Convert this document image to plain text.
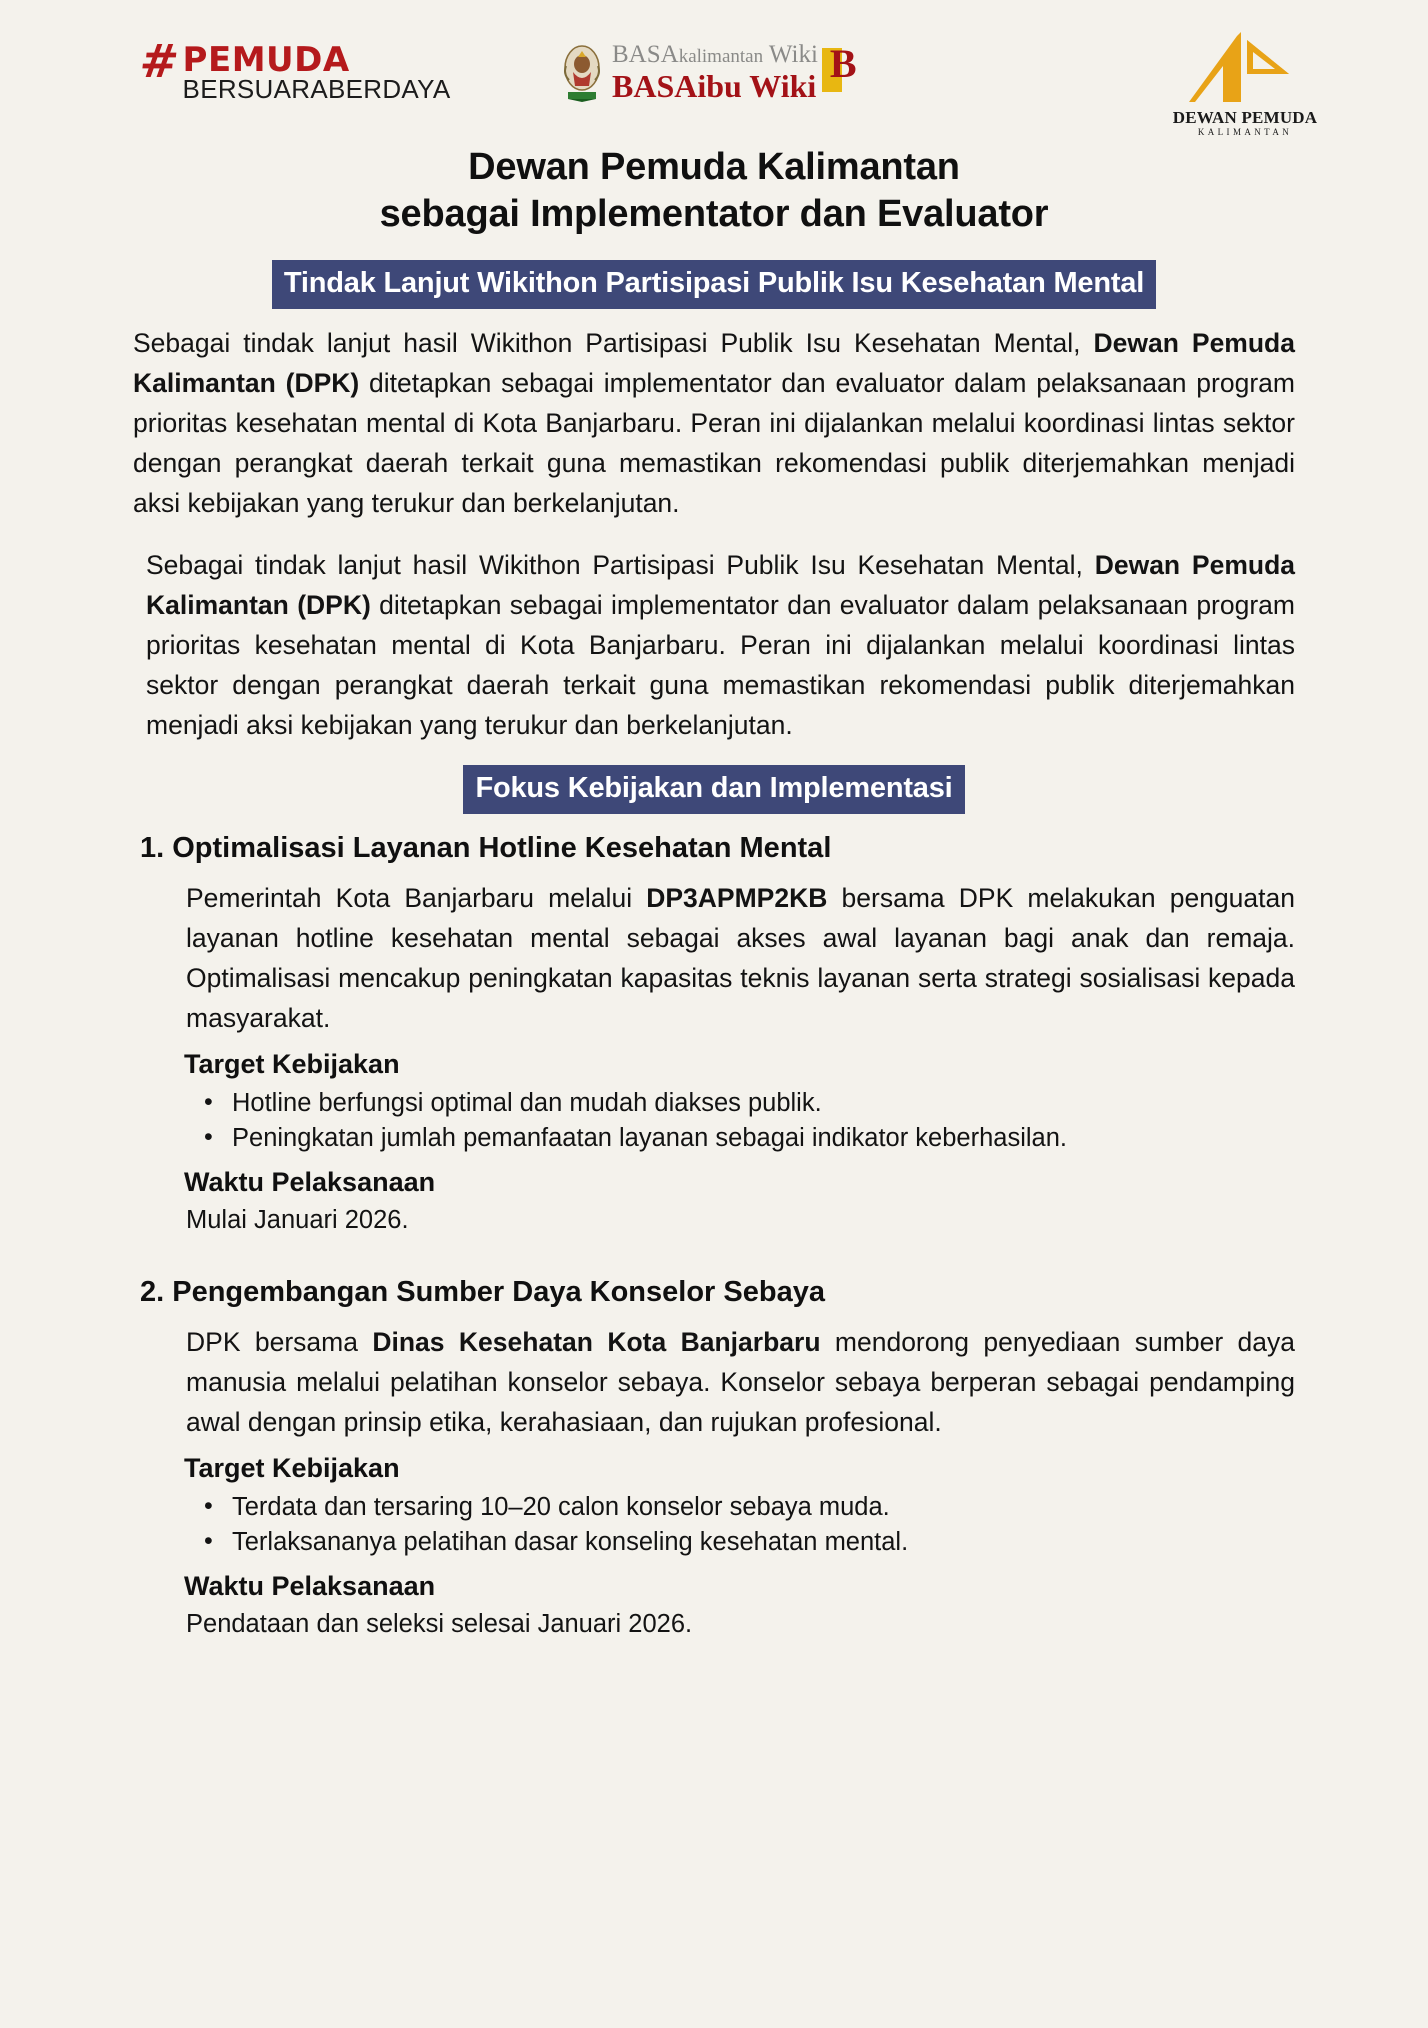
# PEMUDA
BERSUARABERDAYA
BASAkalimantan Wiki
BASAibu Wiki B
DEWAN PEMUDA
KALIMANTAN
Dewan Pemuda Kalimantan
sebagai Implementator dan Evaluator
Tindak Lanjut Wikithon Partisipasi Publik Isu Kesehatan Mental

Sebagai tindak lanjut hasil Wikithon Partisipasi Publik Isu Kesehatan Mental, Dewan Pemuda Kalimantan (DPK) ditetapkan sebagai implementator dan evaluator dalam pelaksanaan program prioritas kesehatan mental di Kota Banjarbaru. Peran ini dijalankan melalui koordinasi lintas sektor dengan perangkat daerah terkait guna memastikan rekomendasi publik diterjemahkan menjadi aksi kebijakan yang terukur dan berkelanjutan.

Sebagai tindak lanjut hasil Wikithon Partisipasi Publik Isu Kesehatan Mental, Dewan Pemuda Kalimantan (DPK) ditetapkan sebagai implementator dan evaluator dalam pelaksanaan program prioritas kesehatan mental di Kota Banjarbaru. Peran ini dijalankan melalui koordinasi lintas sektor dengan perangkat daerah terkait guna memastikan rekomendasi publik diterjemahkan menjadi aksi kebijakan yang terukur dan berkelanjutan.

Fokus Kebijakan dan Implementasi
1. Optimalisasi Layanan Hotline Kesehatan Mental

Pemerintah Kota Banjarbaru melalui DP3APMP2KB bersama DPK melakukan penguatan layanan hotline kesehatan mental sebagai akses awal layanan bagi anak dan remaja. Optimalisasi mencakup peningkatan kapasitas teknis layanan serta strategi sosialisasi kepada masyarakat.

Target Kebijakan
• Hotline berfungsi optimal dan mudah diakses publik.
• Peningkatan jumlah pemanfaatan layanan sebagai indikator keberhasilan.
Waktu Pelaksanaan

Mulai Januari 2026.

2. Pengembangan Sumber Daya Konselor Sebaya

DPK bersama Dinas Kesehatan Kota Banjarbaru mendorong penyediaan sumber daya manusia melalui pelatihan konselor sebaya. Konselor sebaya berperan sebagai pendamping awal dengan prinsip etika, kerahasiaan, dan rujukan profesional.

Target Kebijakan
• Terdata dan tersaring 10–20 calon konselor sebaya muda.
• Terlaksananya pelatihan dasar konseling kesehatan mental.
Waktu Pelaksanaan

Pendataan dan seleksi selesai Januari 2026.
